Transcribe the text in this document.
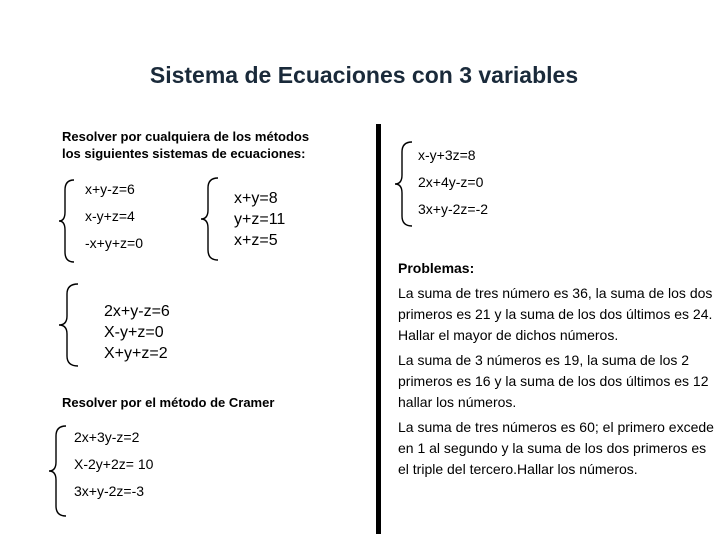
Sistema de Ecuaciones con 3 variables
Resolver por cualquiera de los métodos
los siguientes sistemas de ecuaciones:
x+y-z=6
x-y+z=4
-x+y+z=0
x+y=8
y+z=11
x+z=5
2x+y-z=6
X-y+z=0
X+y+z=2
Resolver por el método de Cramer
2x+3y-z=2
X-2y+2z= 10
3x+y-2z=-3
x-y+3z=8
2x+4y-z=0
3x+y-2z=-2
Problemas:
La suma de tres número es 36, la suma de los dos primeros es 21 y la suma de los dos últimos es 24. Hallar el mayor de dichos números.
La suma de 3 números es 19, la suma de los 2 primeros es 16 y la suma de los dos últimos es 12 hallar los números.
La suma de tres números es 60; el primero excede en 1 al segundo y la suma de los dos primeros es el triple del tercero.Hallar los números.
